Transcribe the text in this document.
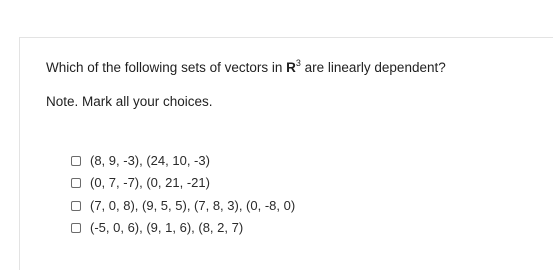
Which of the following sets of vectors in $R^3$ are linearly dependent?
Note. Mark all your choices.
(8, 9, -3), (24, 10, -3)
(0, 7, -7), (0, 21, -21)
(7, 0, 8), (9, 5, 5), (7, 8, 3), (0, -8, 0)
(-5, 0, 6), (9, 1, 6), (8, 2, 7)
